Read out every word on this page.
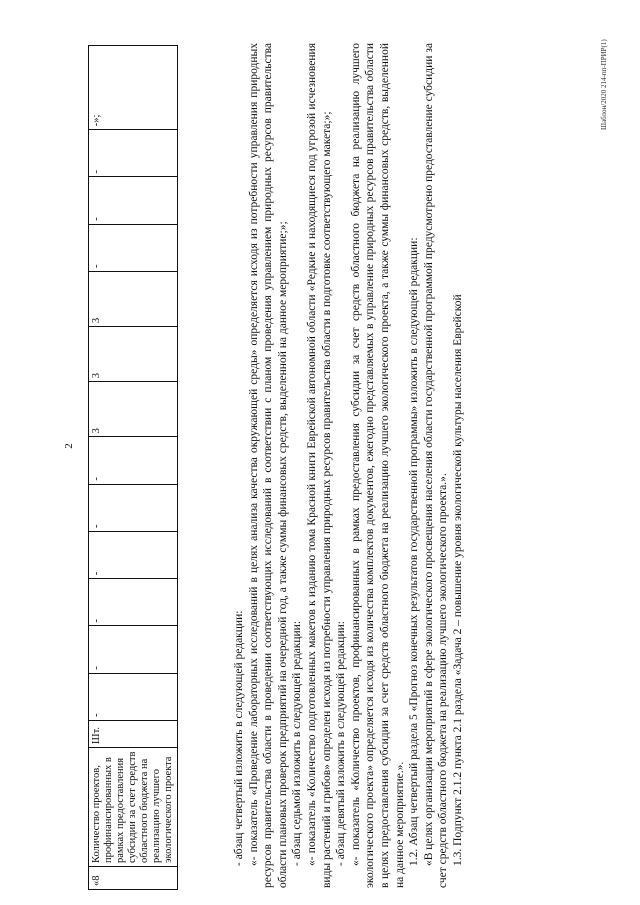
2
Шаблон/2020 214-пп-ПРИР(1)
«8	Количество проектов, профинансированных в рамках предоставления субсидии за счет средств областного бюджета на реализацию лучшего экологического проекта	Шт.	-	-	-	-	-	-	3	3	3	-	-	-	-»;

- абзац четвертый изложить в следующей редакции: «- показатель «Проведение лабораторных исследований в целях анализа качества окружающей среды» определяется исходя из потребности управления природных ресурсов правительства области в проведении соответствующих исследований в соответствии с планом проведения управлением природных ресурсов правительства области плановых проверок предприятий на очередной год, а также суммы финансовых средств, выделенной на данное мероприятие;»; - абзац седьмой изложить в следующей редакции: «- показатель «Количество подготовленных макетов к изданию тома Красной книги Еврейской автономной области «Редкие и находящиеся под угрозой исчезновения виды растений и грибов» определен исходя из потребности управления природных ресурсов правительства области в подготовке соответствующего макета;»; - абзац девятый изложить в следующей редакции: «- показатель «Количество проектов, профинансированных в рамках предоставления субсидии за счет средств областного бюджета на реализацию лучшего экологического проекта» определяется исходя из количества комплектов документов, ежегодно представляемых в управление природных ресурсов правительства области в целях предоставления субсидии за счет средств областного бюджета на реализацию лучшего экологического проекта, а также суммы финансовых средств, выделенной на данное мероприятие.». 1.2. Абзац четвертый раздела 5 «Прогноз конечных результатов государственной программы» изложить в следующей редакции: «В целях организации мероприятий в сфере экологического просвещения населения области государственной программой предусмотрено предоставление субсидии за счет средств областного бюджета на реализацию лучшего экологического проекта.». 1.3. Подпункт 2.1.2 пункта 2.1 раздела «Задача 2 – повышение уровня экологической культуры населения Еврейской
